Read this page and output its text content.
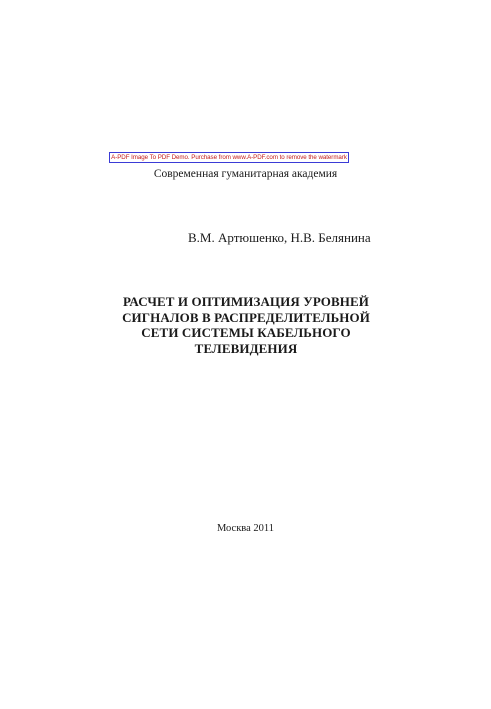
A-PDF Image To PDF Demo. Purchase from www.A-PDF.com to remove the watermark
Современная гуманитарная академия
В.М. Артюшенко, Н.В. Белянина
РАСЧЕТ И ОПТИМИЗАЦИЯ УРОВНЕЙ
СИГНАЛОВ В РАСПРЕДЕЛИТЕЛЬНОЙ
СЕТИ СИСТЕМЫ КАБЕЛЬНОГО
ТЕЛЕВИДЕНИЯ
Москва 2011
